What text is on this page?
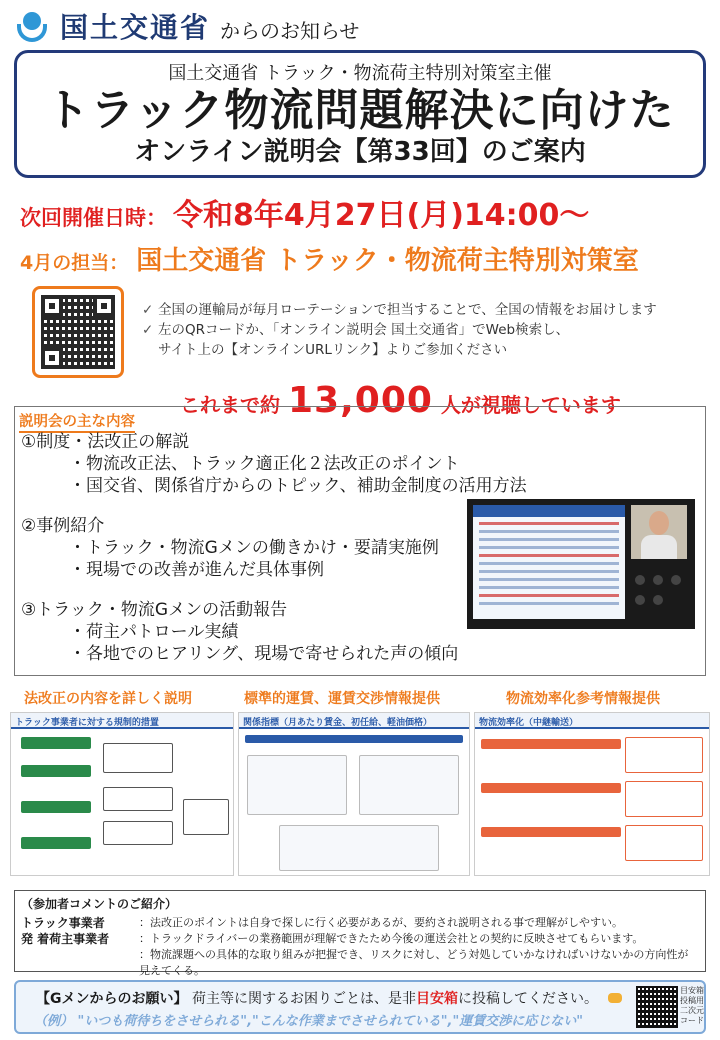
国土交通省 からのお知らせ
国土交通省 トラック・物流荷主特別対策室主催
トラック物流問題解決に向けた
オンライン説明会【第33回】のご案内
次回開催日時： 令和8年4月27日(月)14:00〜
4月の担当： 国土交通省 トラック・物流荷主特別対策室
✓ 全国の運輸局が毎月ローテーションで担当することで、全国の情報をお届けします
✓ 左のQRコードか、「オンライン説明会 国土交通省」でWeb検索し、
サイト上の【オンラインURLリンク】よりご参加ください
これまで約 13,000 人が視聴しています
説明会の主な内容
①制度・法改正の解説
・物流改正法、トラック適正化２法改正のポイント
・国交省、関係省庁からのトピック、補助金制度の活用方法
②事例紹介
・トラック・物流Gメンの働きかけ・要請実施例
・現場での改善が進んだ具体事例
③トラック・物流Gメンの活動報告
・荷主パトロール実績
・各地でのヒアリング、現場で寄せられた声の傾向
法改正の内容を詳しく説明	標準的運賃、運賃交渉情報提供	物流効率化参考情報提供
トラック事業者に対する規制的措置	関係指標（月あたり賃金、初任給、軽油価格）	物流効率化（中継輸送）
（参加者コメントのご紹介）
トラック事業者	：法改正のポイントは自身で探しに行く必要があるが、要約され説明される事で理解がしやすい。
発 着荷主事業者	：トラックドライバーの業務範囲が理解できたため今後の運送会社との契約に反映させてもらいます。
：物流課題への具体的な取り組みが把握でき、リスクに対し、どう対処していかなければいけないかの方向性が見えてくる。
【Gメンからのお願い】 荷主等に関するお困りごとは、是非目安箱に投稿してください。
（例） "いつも荷待ちをさせられる","こんな作業までさせられている","運賃交渉に応じない"
目安箱投稿用二次元コード
